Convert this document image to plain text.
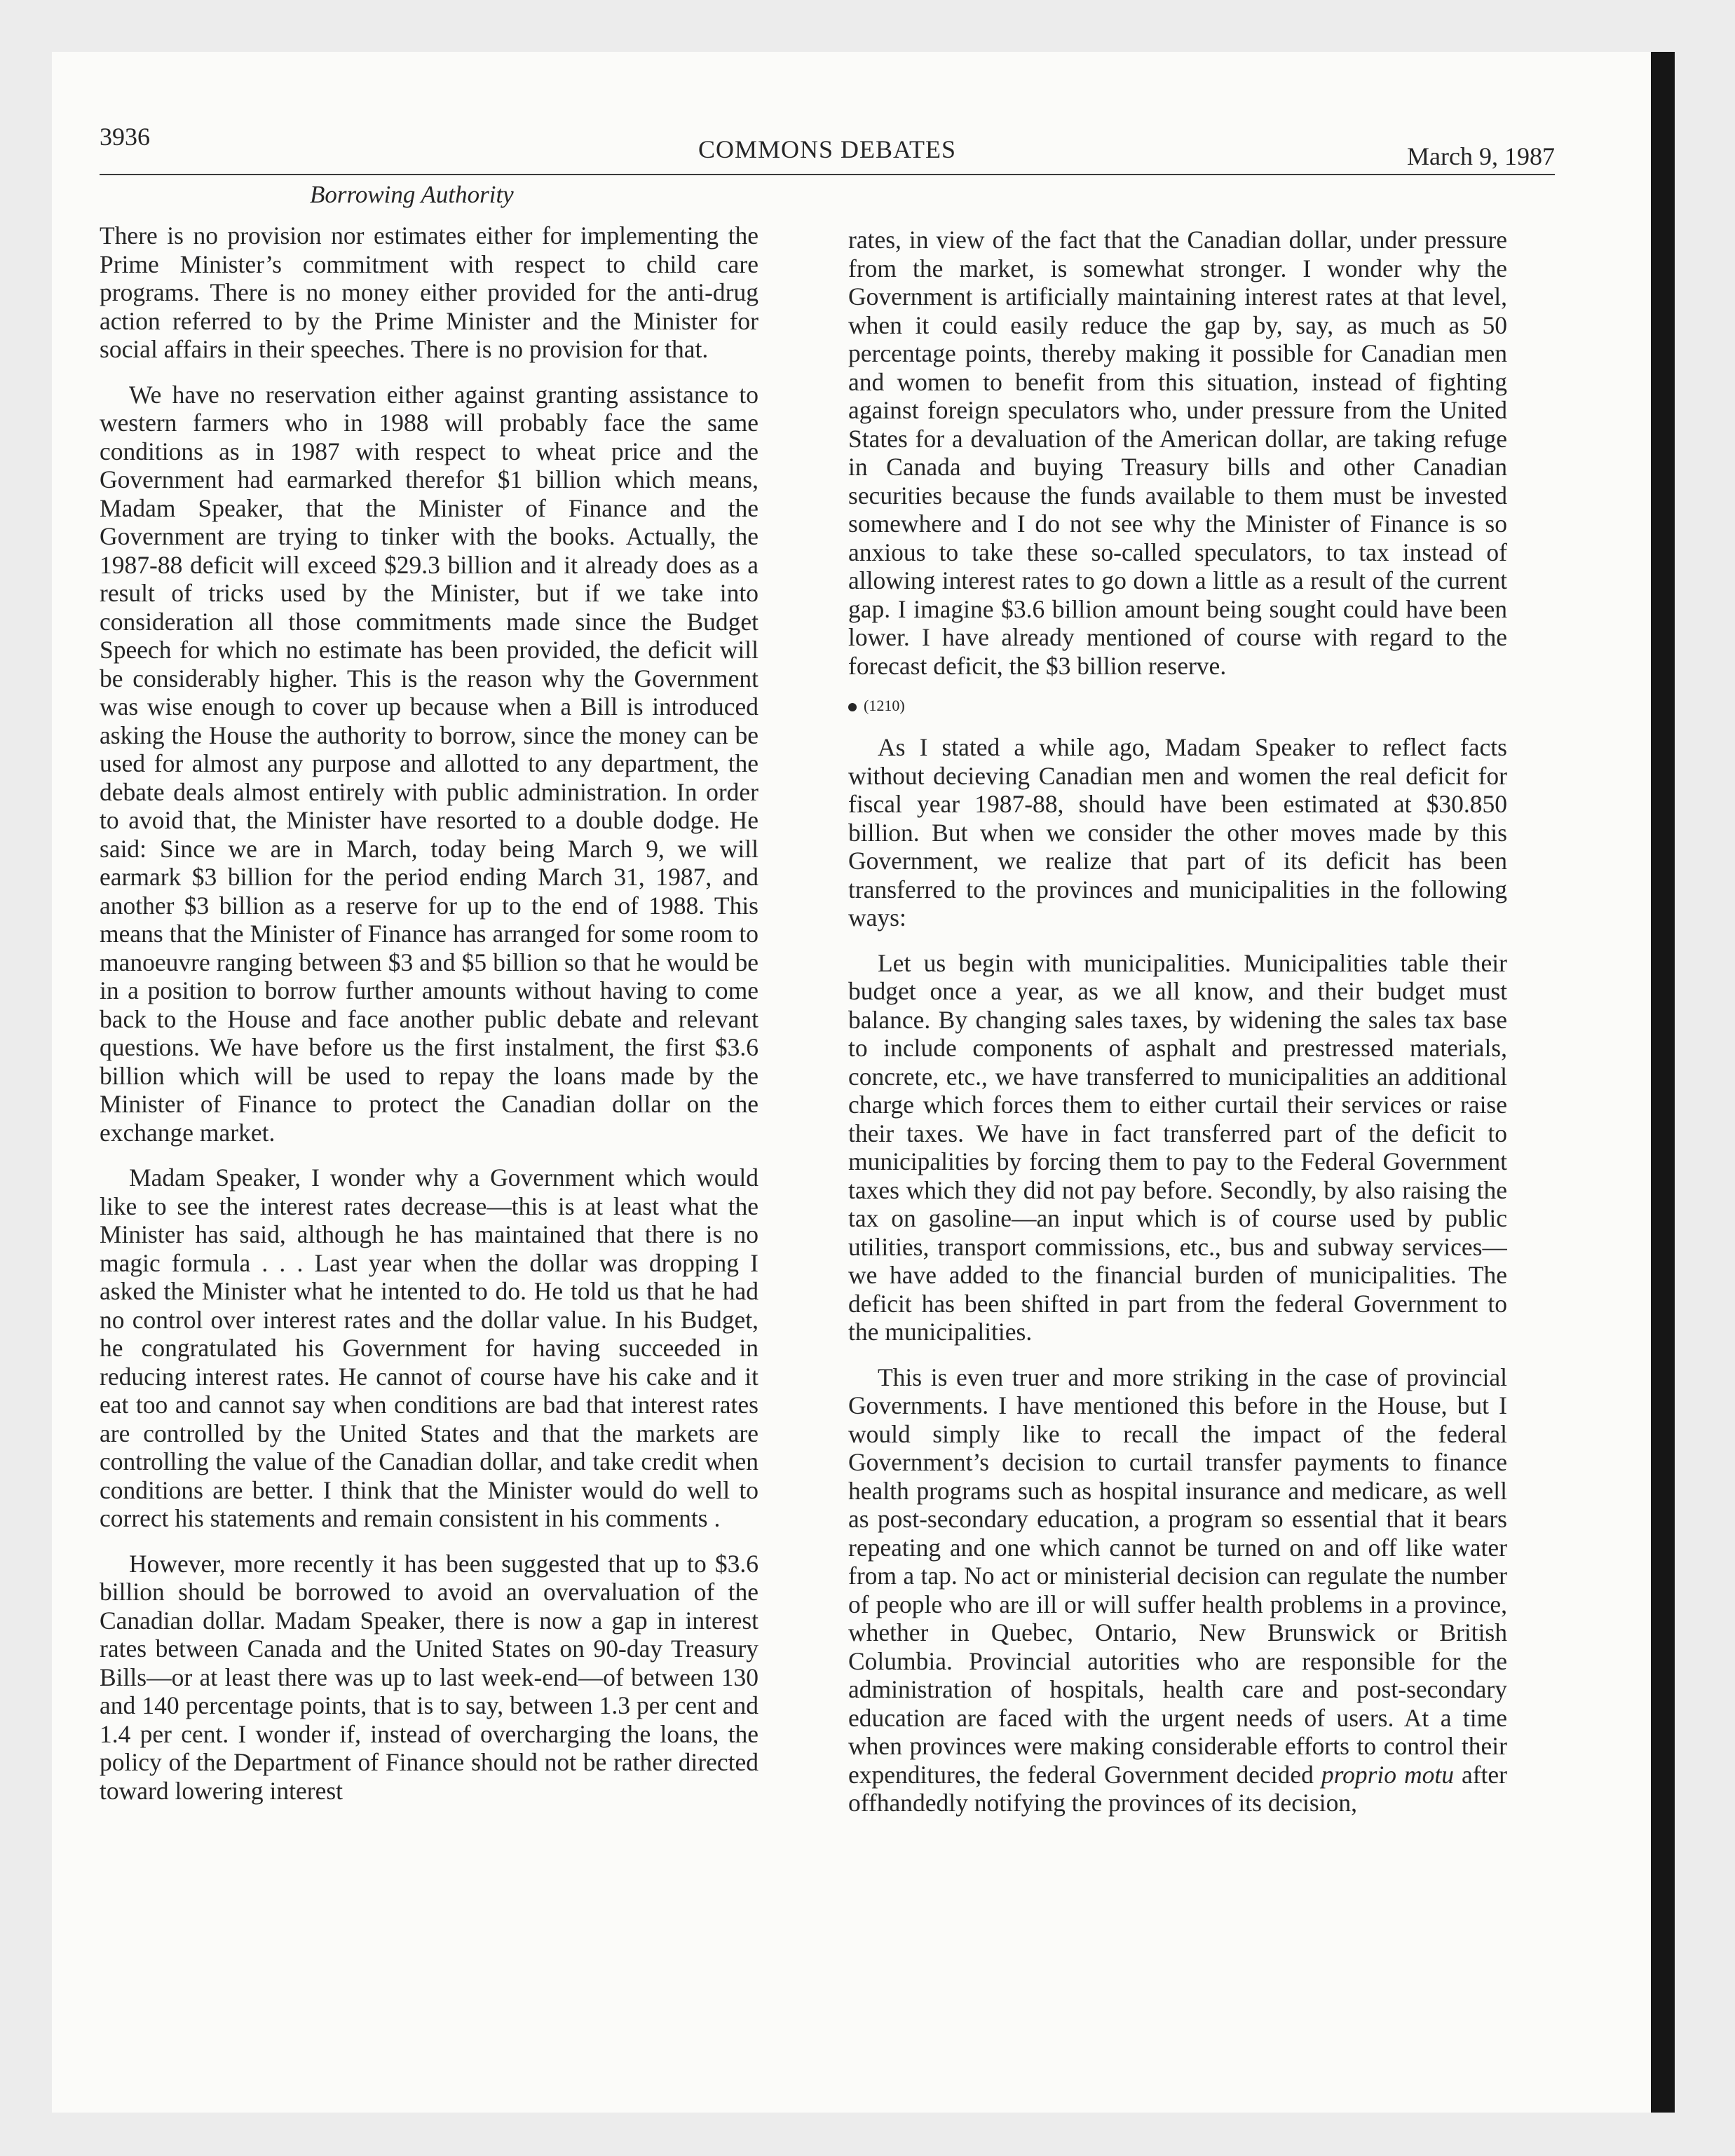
3936	COMMONS DEBATES	March 9, 1987
Borrowing Authority

There is no provision nor estimates either for implementing the Prime Minister’s commitment with respect to child care programs. There is no money either provided for the anti-drug action referred to by the Prime Minister and the Minister for social affairs in their speeches. There is no provision for that.

We have no reservation either against granting assistance to western farmers who in 1988 will probably face the same conditions as in 1987 with respect to wheat price and the Government had earmarked therefor $1 billion which means, Madam Speaker, that the Minister of Finance and the Government are trying to tinker with the books. Actually, the 1987-88 deficit will exceed $29.3 billion and it already does as a result of tricks used by the Minister, but if we take into consideration all those commitments made since the Budget Speech for which no estimate has been provided, the deficit will be considerably higher. This is the reason why the Government was wise enough to cover up because when a Bill is introduced asking the House the authority to borrow, since the money can be used for almost any purpose and allotted to any department, the debate deals almost entirely with public administration. In order to avoid that, the Minister have resorted to a double dodge. He said: Since we are in March, today being March 9, we will earmark $3 billion for the period ending March 31, 1987, and another $3 billion as a reserve for up to the end of 1988. This means that the Minister of Finance has arranged for some room to manoeuvre ranging between $3 and $5 billion so that he would be in a position to borrow further amounts without having to come back to the House and face another public debate and relevant questions. We have before us the first instalment, the first $3.6 billion which will be used to repay the loans made by the Minister of Finance to protect the Canadian dollar on the exchange market.

Madam Speaker, I wonder why a Government which would like to see the interest rates decrease—this is at least what the Minister has said, although he has maintained that there is no magic formula . . . Last year when the dollar was dropping I asked the Minister what he intented to do. He told us that he had no control over interest rates and the dollar value. In his Budget, he congratulated his Government for having succeeded in reducing interest rates. He cannot of course have his cake and it eat too and cannot say when conditions are bad that interest rates are controlled by the United States and that the markets are controlling the value of the Canadian dollar, and take credit when conditions are better. I think that the Minister would do well to correct his statements and remain consistent in his comments .

However, more recently it has been suggested that up to $3.6 billion should be borrowed to avoid an overvaluation of the Canadian dollar. Madam Speaker, there is now a gap in interest rates between Canada and the United States on 90-day Treasury Bills—or at least there was up to last week-end—of between 130 and 140 percentage points, that is to say, between 1.3 per cent and 1.4 per cent. I wonder if, instead of overcharging the loans, the policy of the Department of Finance should not be rather directed toward lowering interest

rates, in view of the fact that the Canadian dollar, under pressure from the market, is somewhat stronger. I wonder why the Government is artificially maintaining interest rates at that level, when it could easily reduce the gap by, say, as much as 50 percentage points, thereby making it possible for Canadian men and women to benefit from this situation, instead of fighting against foreign speculators who, under pressure from the United States for a devaluation of the American dollar, are taking refuge in Canada and buying Treasury bills and other Canadian securities because the funds available to them must be invested somewhere and I do not see why the Minister of Finance is so anxious to take these so-called speculators, to tax instead of allowing interest rates to go down a little as a result of the current gap. I imagine $3.6 billion amount being sought could have been lower. I have already mentioned of course with regard to the forecast deficit, the $3 billion reserve.

(1210)

As I stated a while ago, Madam Speaker to reflect facts without decieving Canadian men and women the real deficit for fiscal year 1987-88, should have been estimated at $30.850 billion. But when we consider the other moves made by this Government, we realize that part of its deficit has been transferred to the provinces and municipalities in the following ways:

Let us begin with municipalities. Municipalities table their budget once a year, as we all know, and their budget must balance. By changing sales taxes, by widening the sales tax base to include components of asphalt and prestressed materials, concrete, etc., we have transferred to municipalities an additional charge which forces them to either curtail their services or raise their taxes. We have in fact transferred part of the deficit to municipalities by forcing them to pay to the Federal Government taxes which they did not pay before. Secondly, by also raising the tax on gasoline—an input which is of course used by public utilities, transport commissions, etc., bus and subway services—we have added to the financial burden of municipalities. The deficit has been shifted in part from the federal Government to the municipalities.

This is even truer and more striking in the case of provincial Governments. I have mentioned this before in the House, but I would simply like to recall the impact of the federal Government’s decision to curtail transfer payments to finance health programs such as hospital insurance and medicare, as well as post-secondary education, a program so essential that it bears repeating and one which cannot be turned on and off like water from a tap. No act or ministerial decision can regulate the number of people who are ill or will suffer health problems in a province, whether in Quebec, Ontario, New Brunswick or British Columbia. Provincial autorities who are responsible for the administration of hospitals, health care and post-secondary education are faced with the urgent needs of users. At a time when provinces were making considerable efforts to control their expenditures, the federal Government decided proprio motu after offhandedly notifying the provinces of its decision,
